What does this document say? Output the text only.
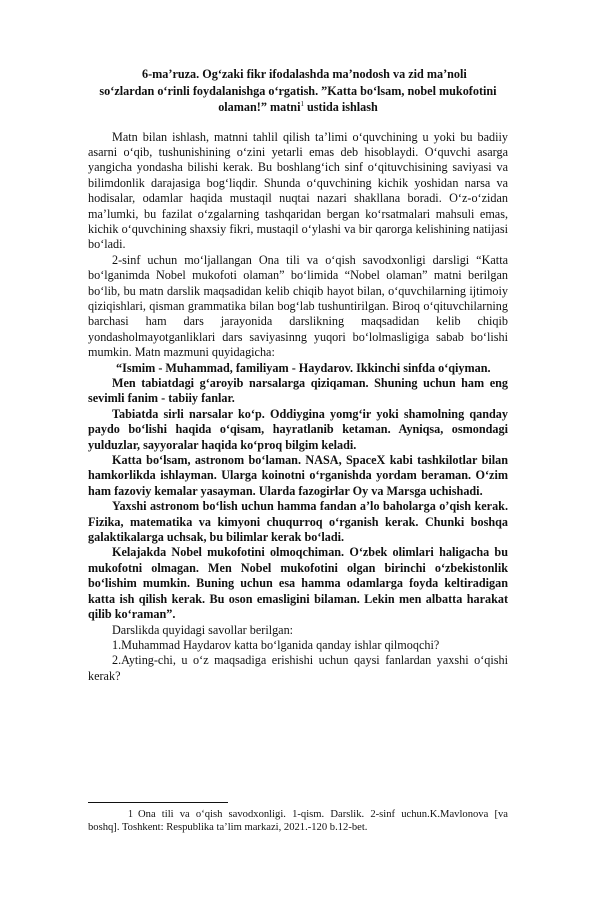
6-ma’ruza. Og‘zaki fikr ifodalashda ma’nodosh va zid ma’noli
so‘zlardan o‘rinli foydalanishga o‘rgatish. ”Katta bo‘lsam, nobel mukofotini
olaman!” matni$^1$ ustida ishlash

Matn bilan ishlash, matnni tahlil qilish ta’limi o‘quvchining u yoki bu badiiy asarni o‘qib, tushunishining o‘zini yetarli emas deb hisoblaydi. O‘quvchi asarga yangicha yondasha bilishi kerak. Bu boshlang‘ich sinf o‘qituvchisining saviyasi va bilimdonlik darajasiga bog‘liqdir. Shunda o‘quvchining kichik yoshidan narsa va hodisalar, odamlar haqida mustaqil nuqtai nazari shakllana boradi. O‘z-o‘zidan ma’lumki, bu fazilat o‘zgalarning tashqaridan bergan ko‘rsatmalari mahsuli emas, kichik o‘quvchining shaxsiy fikri, mustaqil o‘ylashi va bir qarorga kelishining natijasi bo‘ladi.

2-sinf uchun mo‘ljallangan Ona tili va o‘qish savodxonligi darsligi “Katta bo‘lganimda Nobel mukofoti olaman” bo‘limida “Nobel olaman” matni berilgan bo‘lib, bu matn darslik maqsadidan kelib chiqib hayot bilan, o‘quvchilarning ijtimoiy qiziqishlari, qisman grammatika bilan bog‘lab tushuntirilgan. Biroq o‘qituvchilarning barchasi ham dars jarayonida darslikning maqsadidan kelib chiqib yondasholmayotganliklari dars saviyasinng yuqori bo‘lolmasligiga sabab bo‘lishi mumkin. Matn mazmuni quyidagicha:

“Ismim - Muhammad, familiyam - Haydarov. Ikkinchi sinfda o‘qiyman.

Men tabiatdagi g‘aroyib narsalarga qiziqaman. Shuning uchun ham eng sevimli fanim - tabiiy fanlar.

Tabiatda sirli narsalar ko‘p. Oddiygina yomg‘ir yoki shamolning qanday paydo bo‘lishi haqida o‘qisam, hayratlanib ketaman. Ayniqsa, osmondagi yulduzlar, sayyoralar haqida ko‘proq bilgim keladi.

Katta bo‘lsam, astronom bo‘laman. NASA, SpaceX kabi tashkilotlar bilan hamkorlikda ishlayman. Ularga koinotni o‘rganishda yordam beraman. O‘zim ham fazoviy kemalar yasayman. Ularda fazogirlar Oy va Marsga uchishadi.

Yaxshi astronom bo‘lish uchun hamma fandan a’lo baholarga o’qish kerak. Fizika, matematika va kimyoni chuqurroq o‘rganish kerak. Chunki boshqa galaktikalarga uchsak, bu bilimlar kerak bo‘ladi.

Kelajakda Nobel mukofotini olmoqchiman. O‘zbek olimlari haligacha bu mukofotni olmagan. Men Nobel mukofotini olgan birinchi o‘zbekistonlik bo‘lishim mumkin. Buning uchun esa hamma odamlarga foyda keltiradigan katta ish qilish kerak. Bu oson emasligini bilaman. Lekin men albatta harakat qilib ko‘raman”.

Darslikda quyidagi savollar berilgan:

1.Muhammad Haydarov katta bo‘lganida qanday ishlar qilmoqchi?

2.Ayting-chi, u o‘z maqsadiga erishishi uchun qaysi fanlardan yaxshi o‘qishi kerak?

1 Ona tili va o‘qish savodxonligi. 1-qism. Darslik. 2-sinf uchun.K.Mavlonova [va boshq]. Toshkent: Respublika ta’lim markazi, 2021.-120 b.12-bet.
